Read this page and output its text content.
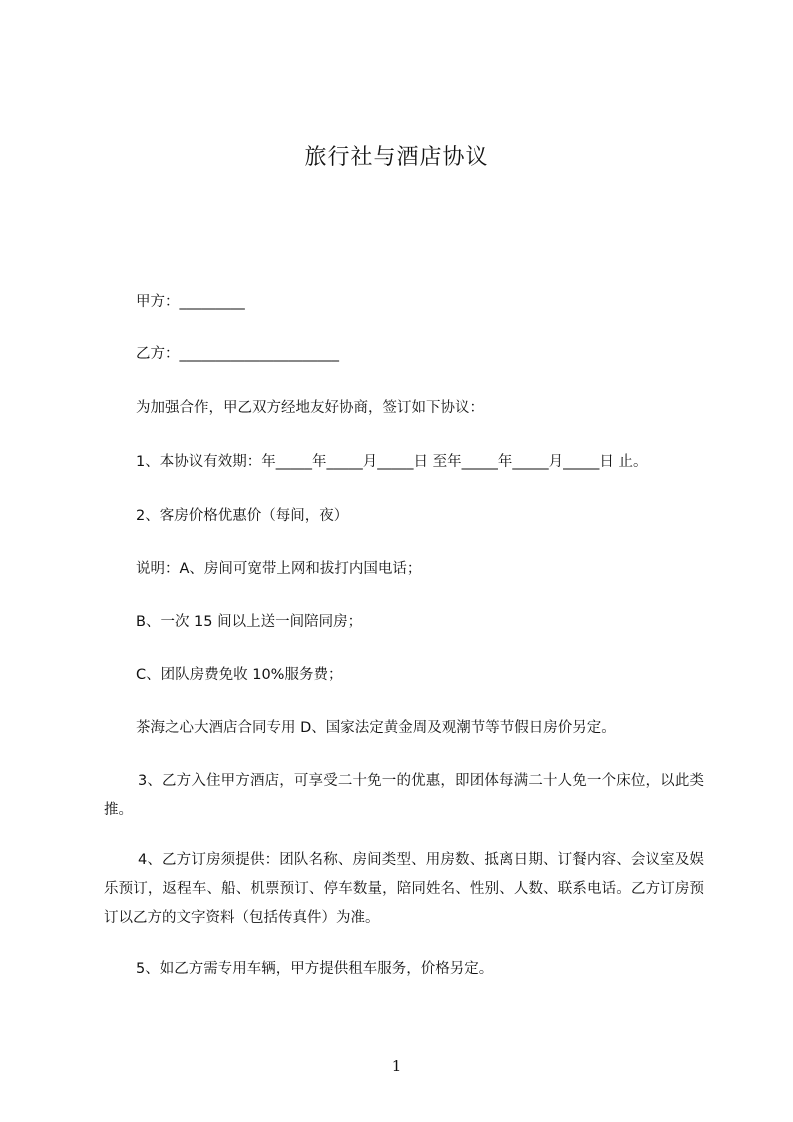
旅行社与酒店协议
甲方：_________
乙方：______________________
为加强合作，甲乙双方经地友好协商，签订如下协议：
1、本协议有效期：年_____年_____月_____日 至年_____年_____月_____日 止。
2、客房价格优惠价（每间，夜）
说明：A、房间可宽带上网和拔打内国电话；
B、一次 15 间以上送一间陪同房；
C、团队房费免收 10%服务费；
茶海之心大酒店合同专用 D、国家法定黄金周及观潮节等节假日房价另定。
3、乙方入住甲方酒店，可享受二十免一的优惠，即团体每满二十人免一个床位，以此类推。
4、乙方订房须提供：团队名称、房间类型、用房数、抵离日期、订餐内容、会议室及娱乐预订，返程车、船、机票预订、停车数量，陪同姓名、性别、人数、联系电话。乙方订房预订以乙方的文字资料（包括传真件）为准。
5、如乙方需专用车辆，甲方提供租车服务，价格另定。
1
